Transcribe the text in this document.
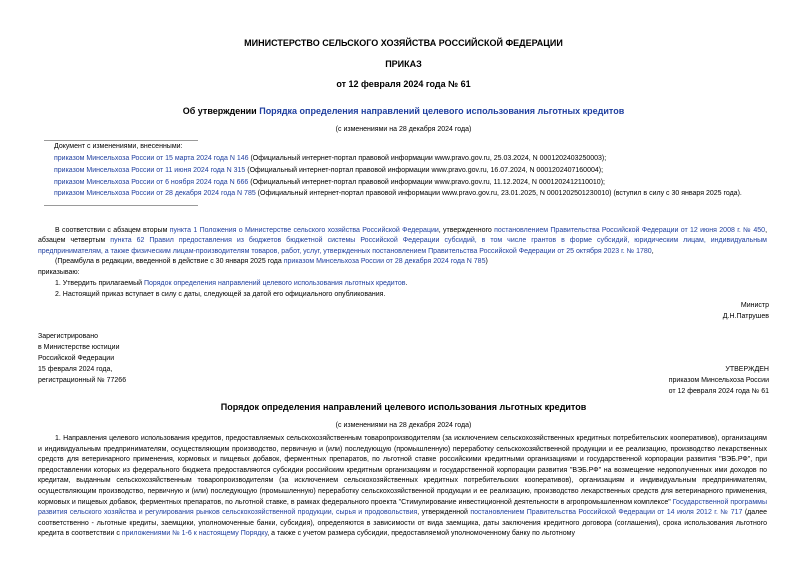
МИНИСТЕРСТВО СЕЛЬСКОГО ХОЗЯЙСТВА РОССИЙСКОЙ ФЕДЕРАЦИИ
ПРИКАЗ
от 12 февраля 2024 года № 61
Об утверждении Порядка определения направлений целевого использования льготных кредитов
(с изменениями на 28 декабря 2024 года)
Документ с изменениями, внесенными:
приказом Минсельхоза России от 15 марта 2024 года N 146 (Официальный интернет-портал правовой информации www.pravo.gov.ru, 25.03.2024, N 0001202403250003);
приказом Минсельхоза России от 11 июня 2024 года N 315 (Официальный интернет-портал правовой информации www.pravo.gov.ru, 16.07.2024, N 0001202407160004);
приказом Минсельхоза России от 6 ноября 2024 года N 666 (Официальный интернет-портал правовой информации www.pravo.gov.ru, 11.12.2024, N 0001202412110010);
приказом Минсельхоза России от 28 декабря 2024 года N 785 (Официальный интернет-портал правовой информации www.pravo.gov.ru, 23.01.2025, N 0001202501230010) (вступил в силу с 30 января 2025 года).
В соответствии с абзацем вторым пункта 1 Положения о Министерстве сельского хозяйства Российской Федерации, утвержденного постановлением Правительства Российской Федерации от 12 июня 2008 г. № 450, абзацем четвертым пункта 62 Правил предоставления из бюджетов бюджетной системы Российской Федерации субсидий, в том числе грантов в форме субсидий, юридическим лицам, индивидуальным предпринимателям, а также физическим лицам-производителям товаров, работ, услуг, утвержденных постановлением Правительства Российской Федерации от 25 октября 2023 г. № 1780,
(Преамбула в редакции, введенной в действие с 30 января 2025 года приказом Минсельхоза России от 28 декабря 2024 года N 785)
приказываю:
1. Утвердить прилагаемый Порядок определения направлений целевого использования льготных кредитов.
2. Настоящий приказ вступает в силу с даты, следующей за датой его официального опубликования.
Министр
Д.Н.Патрушев
Зарегистрировано
в Министерстве юстиции
Российской Федерации
15 февраля 2024 года,
регистрационный № 77266
УТВЕРЖДЕН
приказом Минсельхоза России
от 12 февраля 2024 года № 61
Порядок определения направлений целевого использования льготных кредитов
(с изменениями на 28 декабря 2024 года)
1. Направления целевого использования кредитов, предоставляемых сельскохозяйственным товаропроизводителям (за исключением сельскохозяйственных кредитных потребительских кооперативов), организациям и индивидуальным предпринимателям, осуществляющим производство, первичную и (или) последующую (промышленную) переработку сельскохозяйственной продукции и ее реализацию, производство лекарственных средств для ветеринарного применения, кормовых и пищевых добавок, ферментных препаратов, по льготной ставке российскими кредитными организациями и государственной корпорации развития "ВЭБ.РФ", при предоставлении которых из федерального бюджета предоставляются субсидии российским кредитным организациям и государственной корпорации развития "ВЭБ.РФ" на возмещение недополученных ими доходов по кредитам, выданным сельскохозяйственным товаропроизводителям (за исключением сельскохозяйственных кредитных потребительских кооперативов), организациям и индивидуальным предпринимателям, осуществляющим производство, первичную и (или) последующую (промышленную) переработку сельскохозяйственной продукции и ее реализацию, производство лекарственных средств для ветеринарного применения, кормовых и пищевых добавок, ферментных препаратов, по льготной ставке, в рамках федерального проекта "Стимулирование инвестиционной деятельности в агропромышленном комплексе" Государственной программы развития сельского хозяйства и регулирования рынков сельскохозяйственной продукции, сырья и продовольствия, утвержденной постановлением Правительства Российской Федерации от 14 июля 2012 г. № 717 (далее соответственно - льготные кредиты, заемщики, уполномоченные банки, субсидия), определяются в зависимости от вида заемщика, даты заключения кредитного договора (соглашения), срока использования льготного кредита в соответствии с приложениями № 1-6 к настоящему Порядку, а также с учетом размера субсидии, предоставляемой уполномоченному банку по льготному
